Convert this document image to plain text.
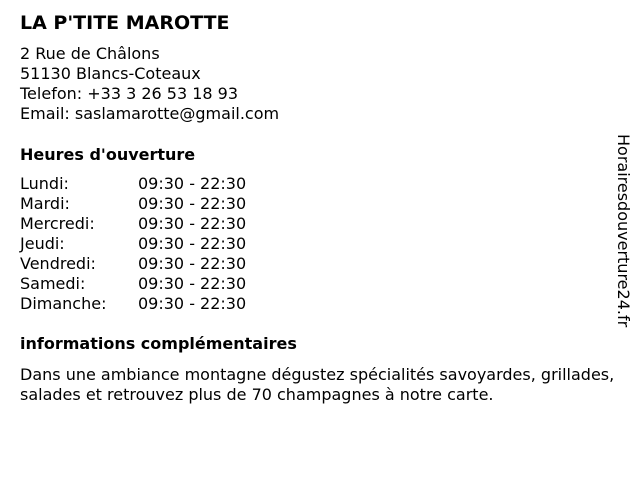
LA P'TITE MAROTTE
2 Rue de Châlons
51130 Blancs-Coteaux
Telefon: +33 3 26 53 18 93
Email: saslamarotte@gmail.com
Heures d'ouverture
Lundi:	09:30 - 22:30
Mardi:	09:30 - 22:30
Mercredi:	09:30 - 22:30
Jeudi:	09:30 - 22:30
Vendredi:	09:30 - 22:30
Samedi:	09:30 - 22:30
Dimanche: 09:30 - 22:30
informations complémentaires
Dans une ambiance montagne dégustez spécialités savoyardes, grillades, salades et retrouvez plus de 70 champagnes à notre carte.
Horairesdouverture24.fr
